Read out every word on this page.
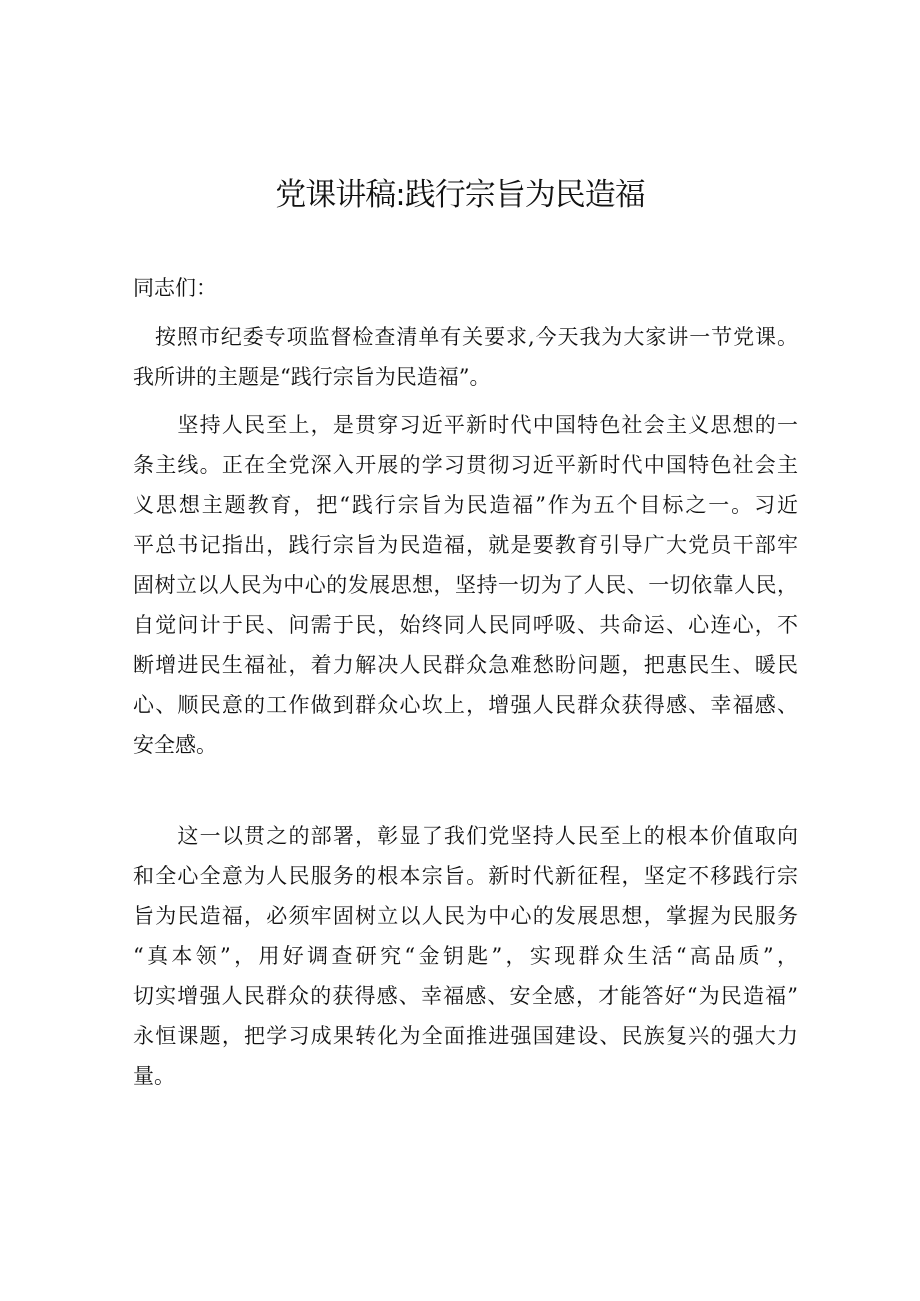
党课讲稿:践行宗旨为民造福
同志们：
　按照市纪委专项监督检查清单有关要求,今天我为大家讲一节党课。
我所讲的主题是“践行宗旨为民造福”。
　　坚持人民至上，是贯穿习近平新时代中国特色社会主义思想的一
条主线。正在全党深入开展的学习贯彻习近平新时代中国特色社会主
义思想主题教育，把“践行宗旨为民造福”作为五个目标之一。习近
平总书记指出，践行宗旨为民造福，就是要教育引导广大党员干部牢
固树立以人民为中心的发展思想，坚持一切为了人民、一切依靠人民，
自觉问计于民、问需于民，始终同人民同呼吸、共命运、心连心，不
断增进民生福祉，着力解决人民群众急难愁盼问题，把惠民生、暖民
心、顺民意的工作做到群众心坎上，增强人民群众获得感、幸福感、
安全感。
　　这一以贯之的部署，彰显了我们党坚持人民至上的根本价值取向
和全心全意为人民服务的根本宗旨。新时代新征程，坚定不移践行宗
旨为民造福，必须牢固树立以人民为中心的发展思想，掌握为民服务
“真本领”，用好调查研究“金钥匙”，实现群众生活“高品质”，
切实增强人民群众的获得感、幸福感、安全感，才能答好“为民造福”
永恒课题，把学习成果转化为全面推进强国建设、民族复兴的强大力
量。
